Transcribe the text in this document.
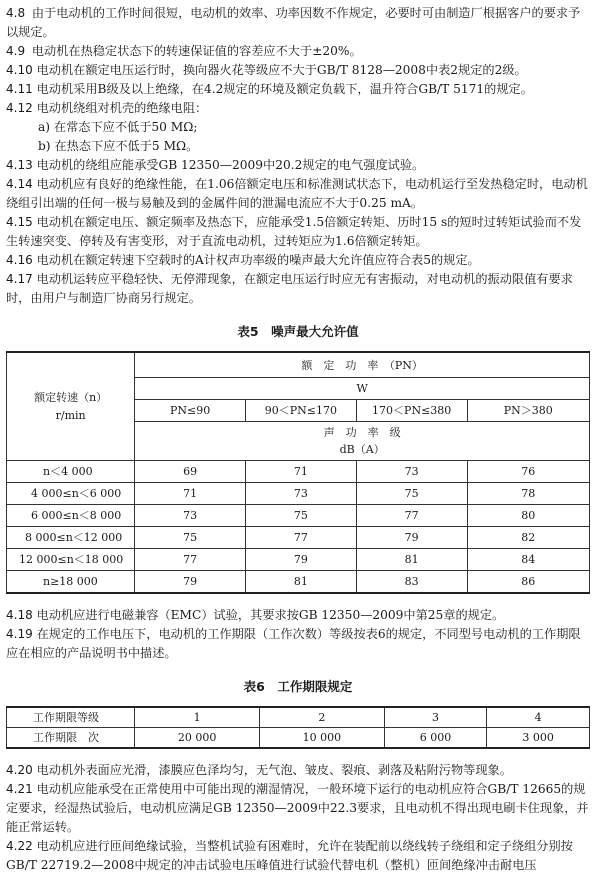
4.8 由于电动机的工作时间很短，电动机的效率、功率因数不作规定，必要时可由制造厂根据客户的要求予以规定。

4.9 电动机在热稳定状态下的转速保证值的容差应不大于±20%。

4.10 电动机在额定电压运行时，换向器火花等级应不大于GB/T 8128—2008中表2规定的2级。

4.11 电动机采用B级及以上绝缘，在4.2规定的环境及额定负载下，温升符合GB/T 5171的规定。

4.12 电动机绕组对机壳的绝缘电阻：

a) 在常态下应不低于50 MΩ;

b) 在热态下应不低于5 MΩ。

4.13 电动机的绕组应能承受GB 12350—2009中20.2规定的电气强度试验。

4.14 电动机应有良好的绝缘性能，在1.06倍额定电压和标准测试状态下，电动机运行至发热稳定时，电动机绕组引出端的任何一极与易触及到的金属件间的泄漏电流应不大于0.25 mA。

4.15 电动机在额定电压、额定频率及热态下，应能承受1.5倍额定转矩、历时15 s的短时过转矩试验而不发生转速突变、停转及有害变形，对于直流电动机，过转矩应为1.6倍额定转矩。

4.16 电动机在额定转速下空载时的A计权声功率级的噪声最大允许值应符合表5的规定。

4.17 电动机运转应平稳轻快、无停滞现象，在额定电压运行时应无有害振动，对电动机的振动限值有要求时，由用户与制造厂协商另行规定。

表5　噪声最大允许值
额定转速（n）
r/min	额　定　功　率　（PN）			
	W			
	PN≤90	90＜PN≤170	170＜PN≤380	PN＞380

	声　功　率　级
dB（A）			

n＜4 000	69	71	73	76
4 000≤n＜6 000	71	73	75	78
6 000≤n＜8 000	73	75	77	80
8 000≤n＜12 000	75	77	79	82
12 000≤n＜18 000	77	79	81	84
n≥18 000	79	81	83	86

4.18 电动机应进行电磁兼容（EMC）试验，其要求按GB 12350—2009中第25章的规定。

4.19 在规定的工作电压下，电动机的工作期限（工作次数）等级按表6的规定，不同型号电动机的工作期限应在相应的产品说明书中描述。

表6　工作期限规定
工作期限等级	1	2	3	4
工作期限　次	20 000	10 000	6 000	3 000

4.20 电动机外表面应光滑，漆膜应色泽均匀，无气泡、皱皮、裂痕、剥落及粘附污物等现象。

4.21 电动机应能承受在正常使用中可能出现的潮湿情况，一般环境下运行的电动机应符合GB/T 12665的规定要求，经湿热试验后，电动机应满足GB 12350—2009中22.3要求，且电动机不得出现电刷卡住现象，并能正常运转。

4.22 电动机应进行匝间绝缘试验，当整机试验有困难时，允许在装配前以绕线转子绕组和定子绕组分别按GB/T 22719.2—2008中规定的冲击试验电压峰值进行试验代替电机（整机）匝间绝缘冲击耐电压
